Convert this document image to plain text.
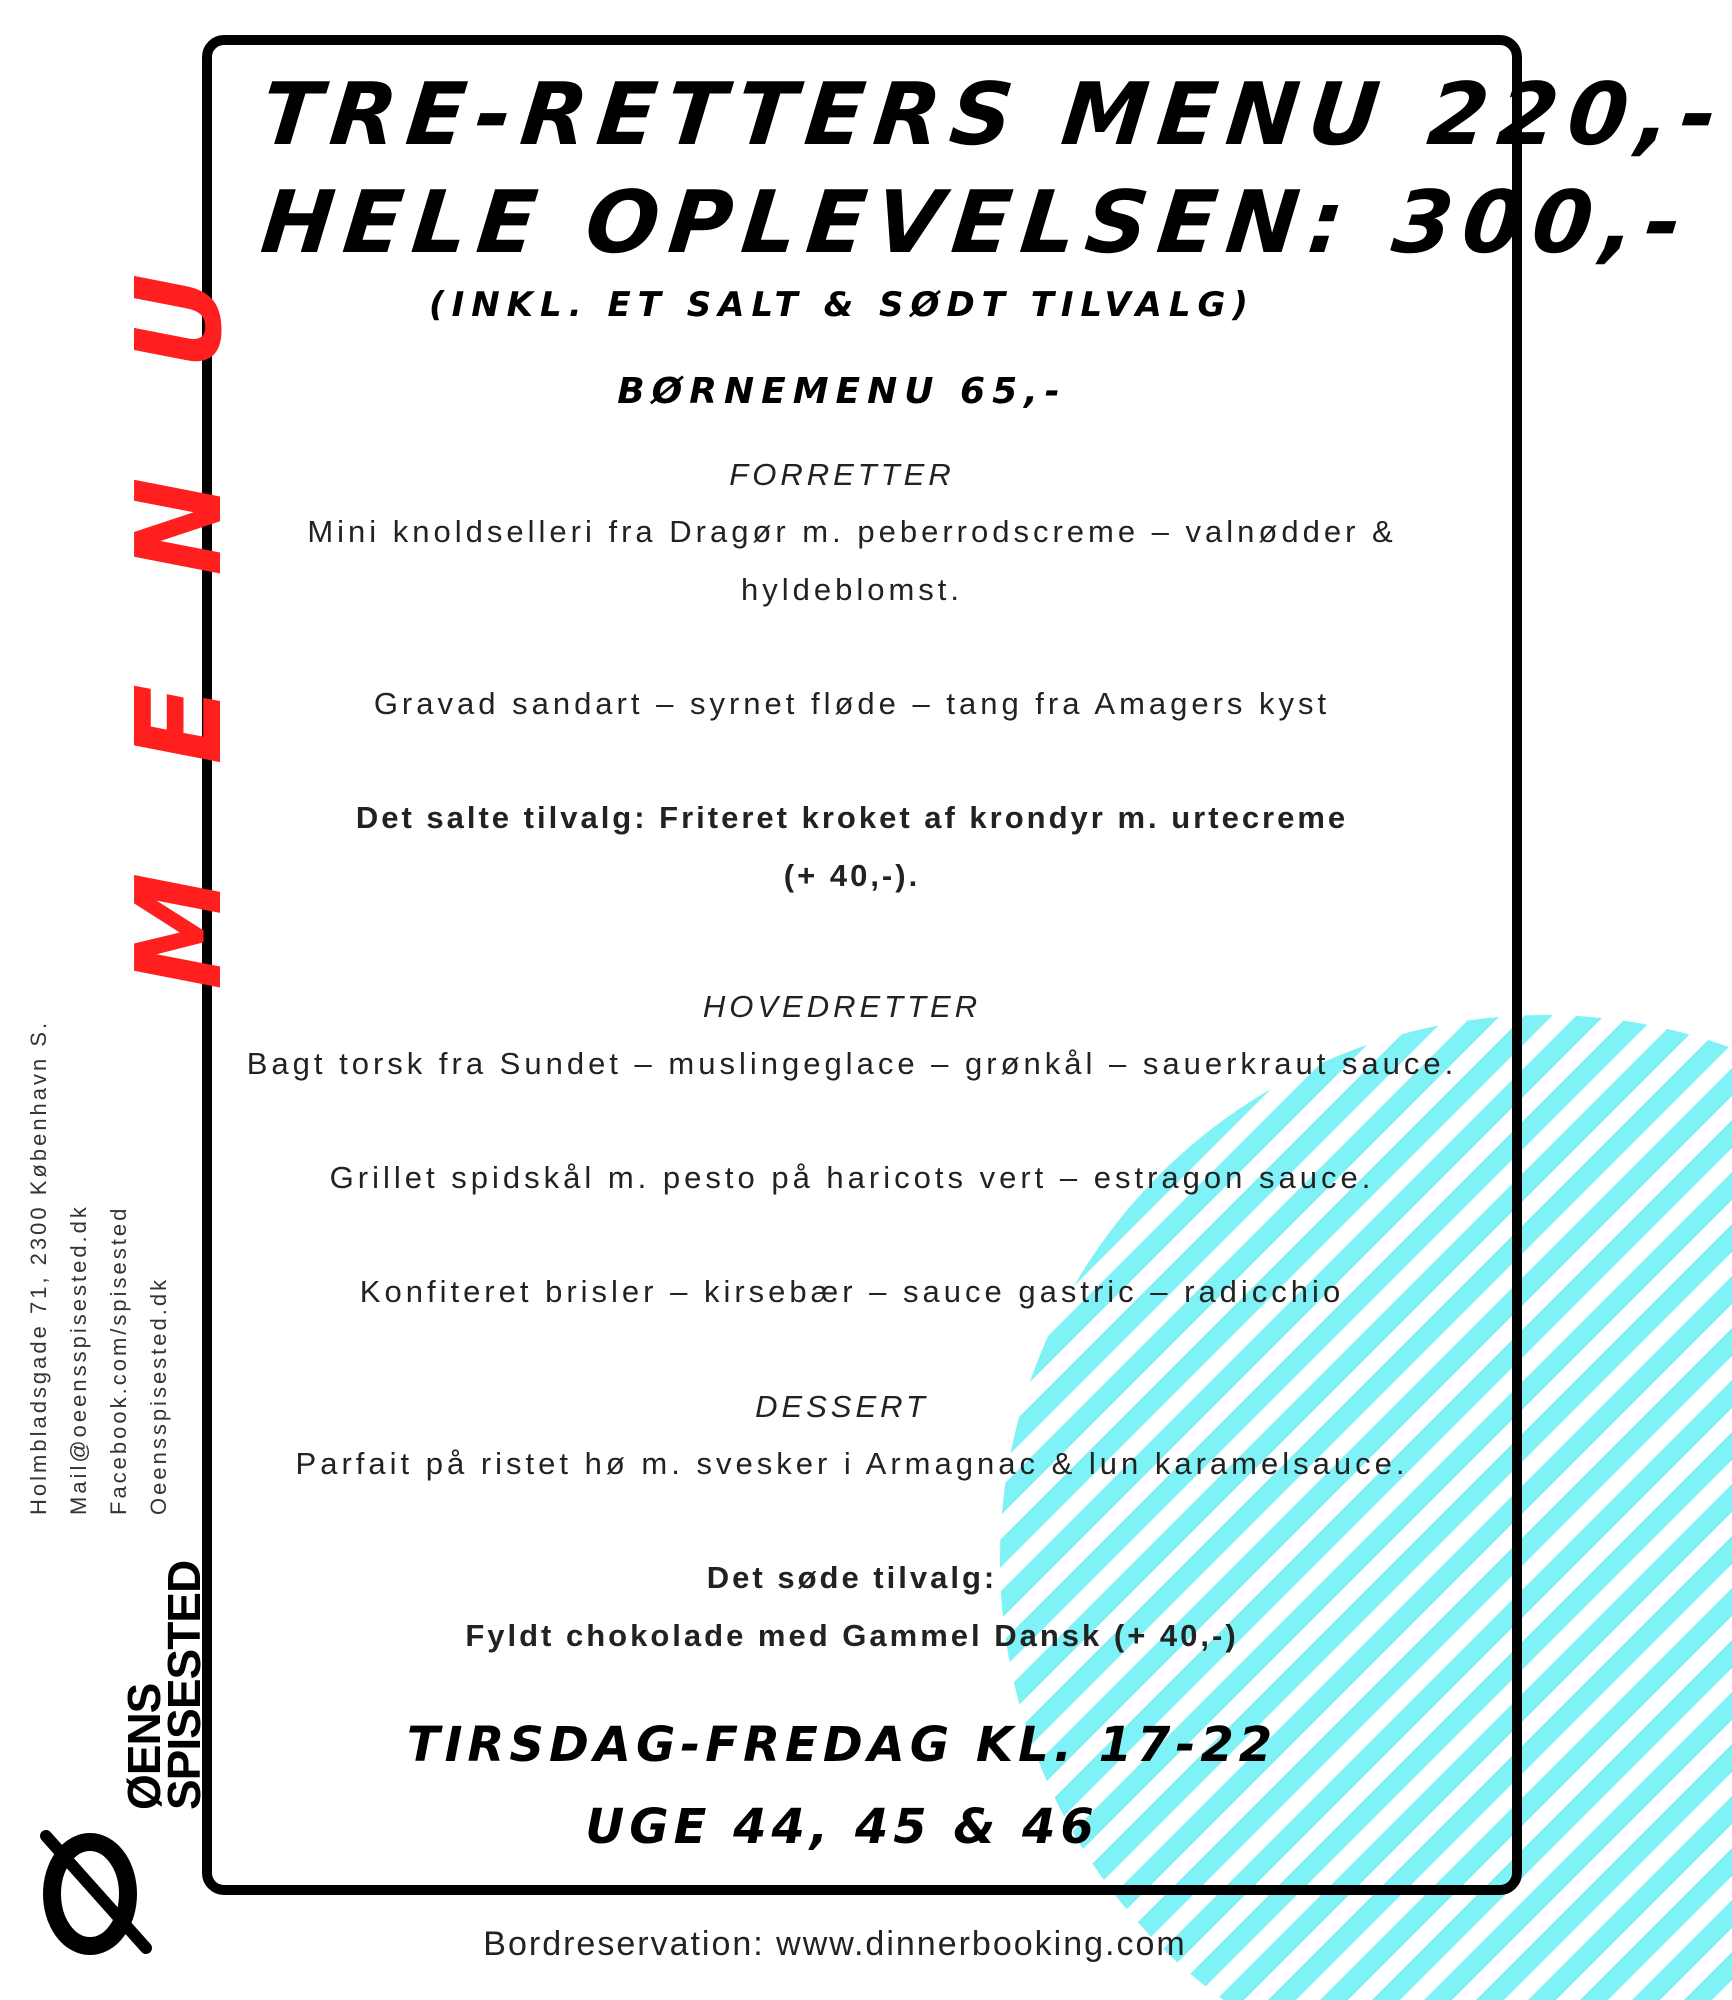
MENU
Holmbladsgade 71, 2300 København S. Mail@oeensspisested.dk Facebook.com/spisested Oeensspisested.dk
ØENS
SPISESTED
TRE-RETTERS MENU 220,-
HELE OPLEVELSEN: 300,-
(INKL. ET SALT & SØDT TILVALG)
BØRNEMENU 65,-
FORRETTER
Mini knoldselleri fra Dragør m. peberrodscreme – valnødder &
hyldeblomst.
Gravad sandart – syrnet fløde – tang fra Amagers kyst
Det salte tilvalg: Friteret kroket af krondyr m. urtecreme
(+ 40,-).
HOVEDRETTER
Bagt torsk fra Sundet – muslingeglace – grønkål – sauerkraut sauce.
Grillet spidskål m. pesto på haricots vert – estragon sauce.
Konfiteret brisler – kirsebær – sauce gastric – radicchio
DESSERT
Parfait på ristet hø m. svesker i Armagnac & lun karamelsauce.
Det søde tilvalg:
Fyldt chokolade med Gammel Dansk (+ 40,-)
TIRSDAG-FREDAG KL. 17-22
UGE 44, 45 & 46
Bordreservation: www.dinnerbooking.com
